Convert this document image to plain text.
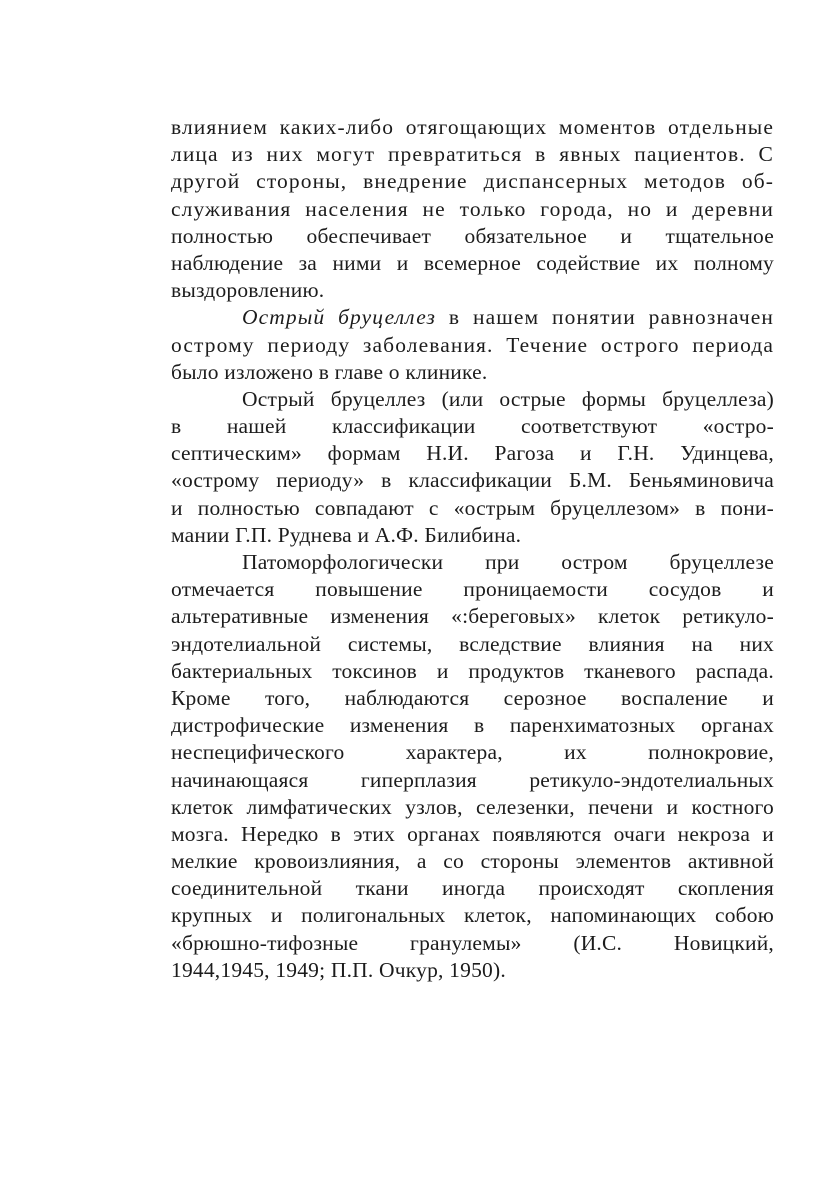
влиянием каких-либо отягощающих моментов отдельные
лица из них могут превратиться в явных пациентов. С
другой стороны, внедрение диспансерных методов об-
служивания населения не только города, но и деревни
полностью обеспечивает обязательное и тщательное
наблюдение за ними и всемерное содействие их полному
выздоровлению.
Острый бруцеллез в нашем понятии равнозначен
острому периоду заболевания. Течение острого периода
было изложено в главе о клинике.
Острый бруцеллез (или острые формы бруцеллеза)
в нашей классификации соответствуют «остро-
септическим» формам Н.И. Рагоза и Г.Н. Удинцева,
«острому периоду» в классификации Б.М. Беньяминовича
и полностью совпадают с «острым бруцеллезом» в пони-
мании Г.П. Руднева и А.Ф. Билибина.
Патоморфологически при остром бруцеллезе
отмечается повышение проницаемости сосудов и
альтеративные изменения «:береговых» клеток ретикуло-
эндотелиальной системы, вследствие влияния на них
бактериальных токсинов и продуктов тканевого распада.
Кроме того, наблюдаются серозное воспаление и
дистрофические изменения в паренхиматозных органах
неспецифического характера, их полнокровие,
начинающаяся гиперплазия ретикуло-эндотелиальных
клеток лимфатических узлов, селезенки, печени и костного
мозга. Нередко в этих органах появляются очаги некроза и
мелкие кровоизлияния, а со стороны элементов активной
соединительной ткани иногда происходят скопления
крупных и полигональных клеток, напоминающих собою
«брюшно-тифозные гранулемы» (И.С. Новицкий,
1944,1945, 1949; П.П. Очкур, 1950).
